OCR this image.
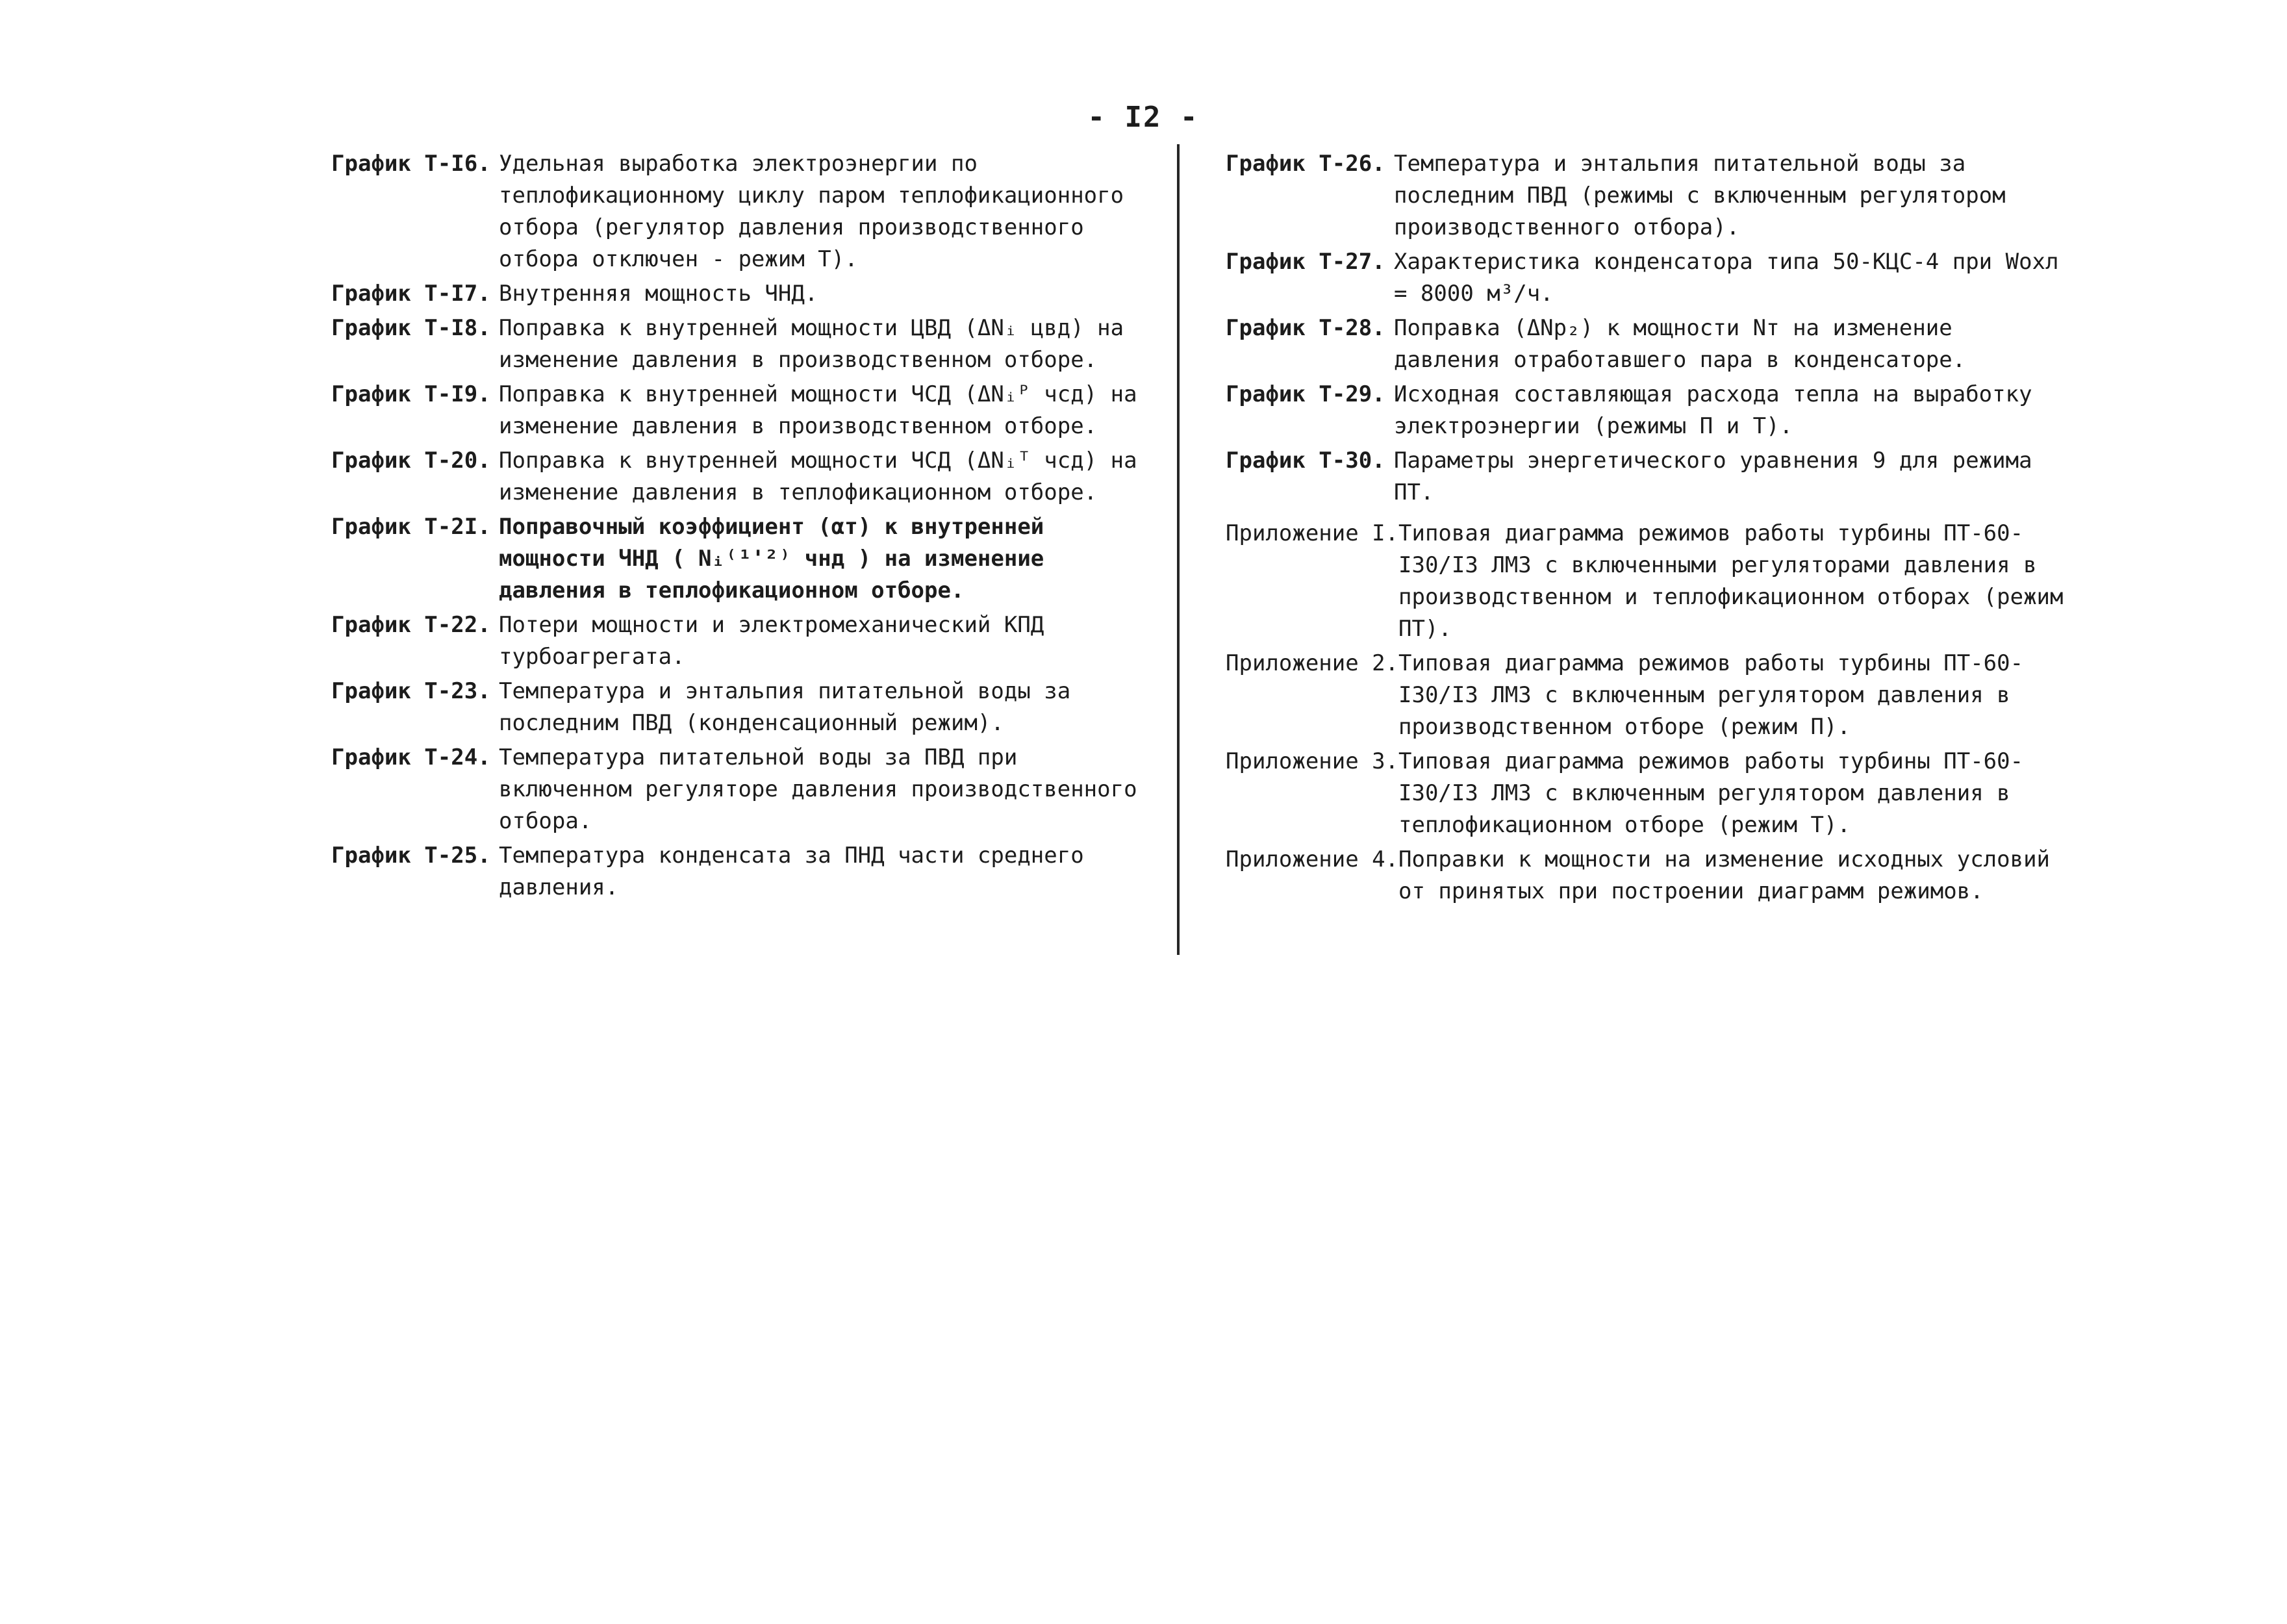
- I2 -
График Т-I6. Удельная выработка электроэнергии по теплофикационному циклу паром теплофикационного отбора (регулятор давления производственного отбора отключен - режим Т).
График Т-I7. Внутренняя мощность ЧНД.
График Т-I8. Поправка к внутренней мощности ЦВД (ΔNᵢ цвд) на изменение давления в производственном отборе.
График Т-I9. Поправка к внутренней мощности ЧСД (ΔNᵢᴾ чсд) на изменение давления в производственном отборе.
График Т-20. Поправка к внутренней мощности ЧСД (ΔNᵢᵀ чсд) на изменение давления в теплофикационном отборе.
График Т-2I. Поправочный коэффициент (αт) к внутренней мощности ЧНД ( Nᵢ⁽¹'²⁾ чнд ) на изменение давления в теплофикационном отборе.
График Т-22. Потери мощности и электромеханический КПД турбоагрегата.
График Т-23. Температура и энтальпия питательной воды за последним ПВД (конденсационный режим).
График Т-24. Температура питательной воды за ПВД при включенном регуляторе давления производственного отбора.
График Т-25. Температура конденсата за ПНД части среднего давления.
График Т-26. Температура и энтальпия питательной воды за последним ПВД (режимы с включенным регулятором производственного отбора).
График Т-27. Характеристика конденсатора типа 50-КЦС-4 при Wохл = 8000 м³/ч.
График Т-28. Поправка (ΔNp₂) к мощности Nт на изменение давления отработавшего пара в конденсаторе.
График Т-29. Исходная составляющая расхода тепла на выработку электроэнергии (режимы П и Т).
График Т-30. Параметры энергетического уравнения 9 для режима ПТ.
Приложение I. Типовая диаграмма режимов работы турбины ПТ-60-I30/I3 ЛМЗ с включенными регуляторами давления в производственном и теплофикационном отборах (режим ПТ).
Приложение 2. Типовая диаграмма режимов работы турбины ПТ-60-I30/I3 ЛМЗ с включенным регулятором давления в производственном отборе (режим П).
Приложение 3. Типовая диаграмма режимов работы турбины ПТ-60-I30/I3 ЛМЗ с включенным регулятором давления в теплофикационном отборе (режим Т).
Приложение 4. Поправки к мощности на изменение исходных условий от принятых при построении диаграмм режимов.
